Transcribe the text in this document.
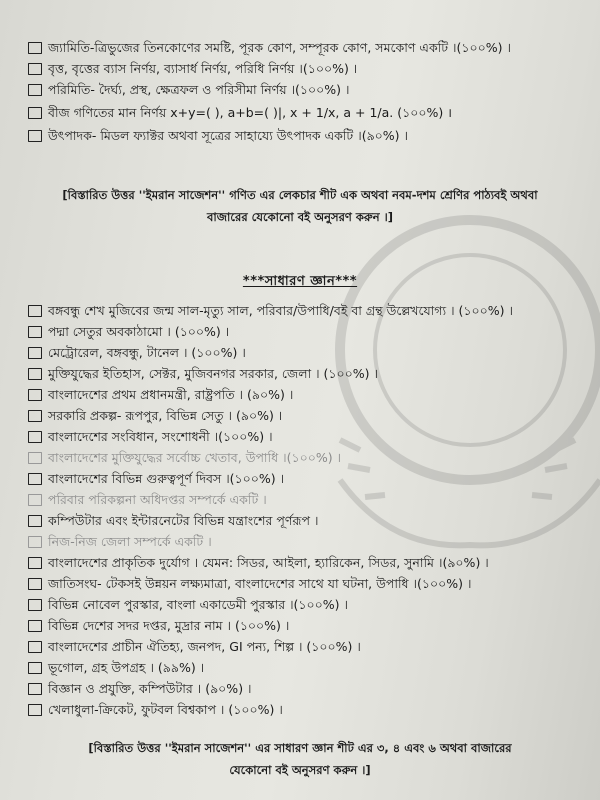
জ্যামিতি-ত্রিভুজের তিনকোণের সমষ্টি, পূরক কোণ, সম্পূরক কোণ, সমকোণ একটি ।(১০০%) ।
বৃত্ত, বৃত্তের ব্যাস নির্ণয়, ব্যাসার্ধ নির্ণয়, পরিধি নির্ণয় ।(১০০%) ।
পরিমিতি- দৈর্ঘ্য, প্রস্থ, ক্ষেত্রফল ও পরিসীমা নির্ণয় ।(১০০%) ।
বীজ গণিতের মান নির্ণয় x+y=( ), a+b=( )|, x + 1/x, a + 1/a. (১০০%) ।
উৎপাদক- মিডল ফ্যাক্টর অথবা সূত্রের সাহায্যে উৎপাদক একটি ।(৯০%) ।
[বিস্তারিত উত্তর ''ইমরান সাজেশন'' গণিত এর লেকচার শীট এক অথবা নবম-দশম শ্রেণির পাঠ্যবই অথবা
বাজারের যেকোনো বই অনুসরণ করুন ।]
***সাধারণ জ্ঞান***
বঙ্গবন্ধু শেখ মুজিবের জন্ম সাল-মৃত্যু সাল, পরিবার/উপাধি/বই বা গ্রন্থ উল্লেখযোগ্য । (১০০%) ।
পদ্মা সেতুর অবকাঠামো । (১০০%) ।
মেট্রোরেল, বঙ্গবন্ধু, টানেল । (১০০%) ।
মুক্তিযুদ্ধের ইতিহাস, সেক্টর, মুজিবনগর সরকার, জেলা । (১০০%) ।
বাংলাদেশের প্রথম প্রধানমন্ত্রী, রাষ্ট্রপতি । (৯০%) ।
সরকারি প্রকল্প- রূপপুর, বিভিন্ন সেতু । (৯০%) ।
বাংলাদেশের সংবিধান, সংশোধনী ।(১০০%) ।
বাংলাদেশের মুক্তিযুদ্ধের সর্বোচ্চ খেতাব, উপাধি ।(১০০%) ।
বাংলাদেশের বিভিন্ন গুরুত্বপূর্ণ দিবস ।(১০০%) ।
পরিবার পরিকল্পনা অধিদপ্তর সম্পর্কে একটি ।
কম্পিউটার এবং ইন্টারনেটের বিভিন্ন যন্ত্রাংশের পূর্ণরূপ ।
নিজ-নিজ জেলা সম্পর্কে একটি ।
বাংলাদেশের প্রাকৃতিক দুর্যোগ । যেমন: সিডর, আইলা, হ্যারিকেন, সিডর, সুনামি ।(৯০%) ।
জাতিসংঘ- টেকসই উন্নয়ন লক্ষ্যমাত্রা, বাংলাদেশের সাথে যা ঘটনা, উপাধি ।(১০০%) ।
বিভিন্ন নোবেল পুরস্কার, বাংলা একাডেমী পুরস্কার ।(১০০%) ।
বিভিন্ন দেশের সদর দপ্তর, মুদ্রার নাম । (১০০%) ।
বাংলাদেশের প্রাচীন ঐতিহ্য, জনপদ, GI পন্য, শিল্প । (১০০%) ।
ভূগোল, গ্রহ উপগ্রহ । (৯৯%) ।
বিজ্ঞান ও প্রযুক্তি, কম্পিউটার । (৯০%) ।
খেলাধুলা-ক্রিকেট, ফুটবল বিশ্বকাপ । (১০০%) ।
[বিস্তারিত উত্তর ''ইমরান সাজেশন'' এর সাধারণ জ্ঞান শীট এর ৩, ৪ এবং ৬ অথবা বাজারের
যেকোনো বই অনুসরণ করুন ।]
